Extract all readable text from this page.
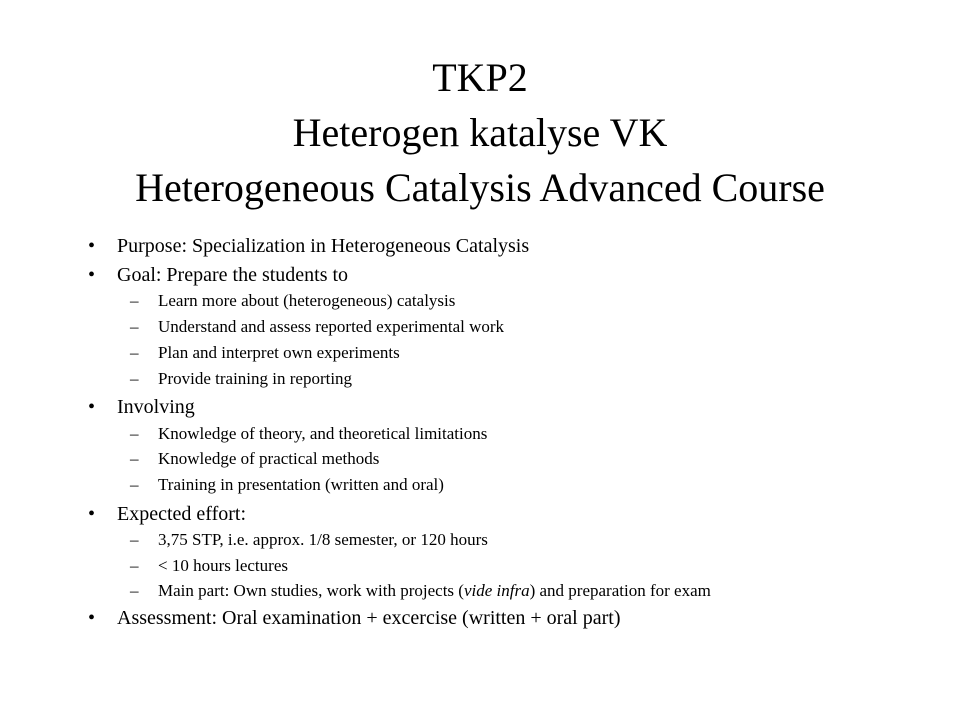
TKP2
Heterogen katalyse VK
Heterogeneous Catalysis Advanced Course
• Purpose: Specialization in Heterogeneous Catalysis
• Goal: Prepare the students to
– Learn more about (heterogeneous) catalysis
– Understand and assess reported experimental work
– Plan and interpret own experiments
– Provide training in reporting
• Involving
– Knowledge of theory, and theoretical limitations
– Knowledge of practical methods
– Training in presentation (written and oral)
• Expected effort:
– 3,75 STP, i.e. approx. 1/8 semester, or 120 hours
– < 10 hours lectures
– Main part: Own studies, work with projects (vide infra) and preparation for exam
• Assessment: Oral examination + excercise (written + oral part)
